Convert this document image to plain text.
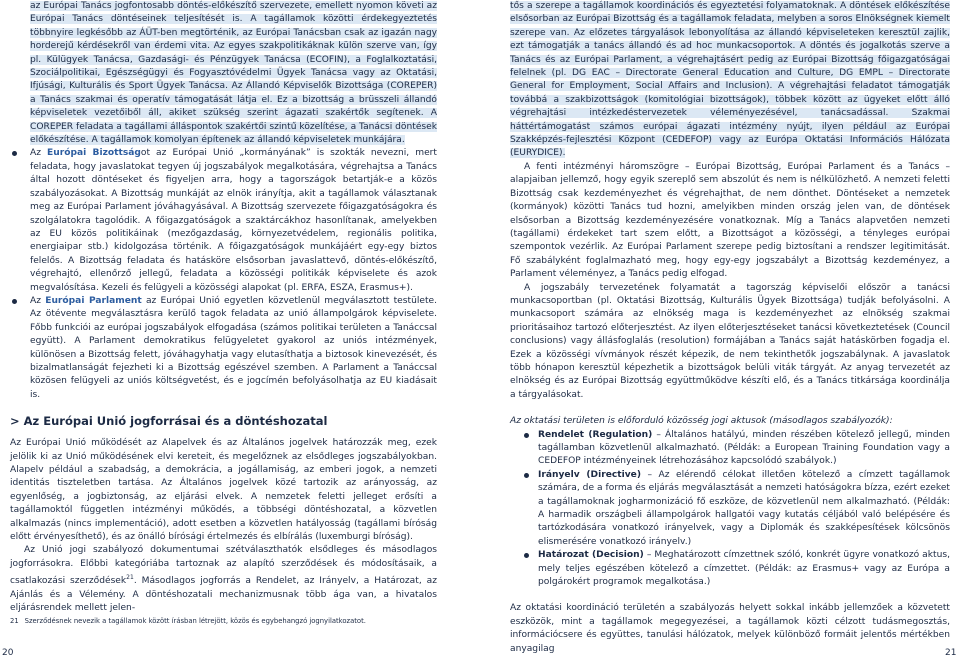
az Európai Tanács jogfontosabb döntés-előkészítő szervezete, emellett nyomon követi az Európai Tanács döntéseinek teljesítését is. A tagállamok közötti érdekegyeztetés többnyire legkésőbb az ÁÜT-ben megtörténik, az Európai Tanácsban csak az igazán nagy horderejű kérdésekről van érdemi vita. Az egyes szakpolitikáknak külön szerve van, így pl. Külügyek Tanácsa, Gazdasági- és Pénzügyek Tanácsa (ECOFIN), a Foglalkoztatási, Szociálpolitikai, Egészségügyi és Fogyasztóvédelmi Ügyek Tanácsa vagy az Oktatási, Ifjúsági, Kulturális és Sport Ügyek Tanácsa. Az Állandó Képviselők Bizottsága (COREPER) a Tanács szakmai és operatív támogatását látja el. Ez a bizottság a brüsszeli állandó képviseletek vezetőiből áll, akiket szükség szerint ágazati szakértők segítenek. A COREPER feladata a tagállami álláspontok szakértői szintű közelítése, a Tanácsi döntések előkészítése. A tagállamok komolyan építenek az állandó képviseletek munkájára.

Az Európai Bizottságot az Európai Unió „kormányának” is szokták nevezni, mert feladata, hogy javaslatokat tegyen új jogszabályok megalkotására, végrehajtsa a Tanács által hozott döntéseket és figyeljen arra, hogy a tagországok betartják-e a közös szabályozásokat. A Bizottság munkáját az elnök irányítja, akit a tagállamok választanak meg az Európai Parlament jóváhagyásával. A Bizottság szervezete főigazgatóságokra és szolgálatokra tagolódik. A főigazgatóságok a szaktárcákhoz hasonlítanak, amelyekben az EU közös politikáinak (mezőgazdaság, környezetvédelem, regionális politika, energiaipar stb.) kidolgozása történik. A főigazgatóságok munkájáért egy-egy biztos felelős. A Bizottság feladata és hatásköre elsősorban javaslattevő, döntés-előkészítő, végrehajtó, ellenőrző jellegű, feladata a közösségi politikák képviselete és azok megvalósítása. Kezeli és felügyeli a közösségi alapokat (pl. ERFA, ESZA, Erasmus+).

Az Európai Parlament az Európai Unió egyetlen közvetlenül megválasztott testülete. Az ötévente megválasztásra kerülő tagok feladata az unió állampolgárok képviselete. Főbb funkciói az európai jogszabályok elfogadása (számos politikai területen a Tanáccsal együtt). A Parlament demokratikus felügyeletet gyakorol az uniós intézmények, különösen a Bizottság felett, jóváhagyhatja vagy elutasíthatja a biztosok kinevezését, és bizalmatlanságát fejezheti ki a Bizottság egészével szemben. A Parlament a Tanáccsal közösen felügyeli az uniós költségvetést, és e jogcímén befolyásolhatja az EU kiadásait is.

> Az Európai Unió jogforrásai és a döntéshozatal

Az Európai Unió működését az Alapelvek és az Általános jogelvek határozzák meg, ezek jelölik ki az Unió működésének elvi kereteit, és megelőznek az elsődleges jogszabályokban. Alapelv például a szabadság, a demokrácia, a jogállamiság, az emberi jogok, a nemzeti identitás tiszteletben tartása. Az Általános jogelvek közé tartozik az arányosság, az egyenlőség, a jogbiztonság, az eljárási elvek. A nemzetek feletti jelleget erősíti a tagállamoktól független intézményi működés, a többségi döntéshozatal, a közvetlen alkalmazás (nincs implementáció), adott esetben a közvetlen hatályosság (tagállami bíróság előtt érvényesíthető), és az önálló bírósági értelmezés és elbírálás (luxemburgi bíróság).

Az Unió jogi szabályozó dokumentumai szétválaszthatók elsődleges és másodlagos jogforrásokra. Előbbi kategóriába tartoznak az alapító szerződések és módosításaik, a csatlakozási szerződések$^{21}$. Másodlagos jogforrás a Rendelet, az Irányelv, a Határozat, az Ajánlás és a Vélemény. A döntéshozatali mechanizmusnak több ága van, a hivatalos eljárásrendek mellett jelen-

21 Szerződésnek nevezik a tagállamok között írásban létrejött, közös és egybehangzó jognyilatkozatot.

tős a szerepe a tagállamok koordinációs és egyeztetési folyamatoknak. A döntések előkészítése elsősorban az Európai Bizottság és a tagállamok feladata, melyben a soros Elnökségnek kiemelt szerepe van. Az előzetes tárgyalások lebonyolítása az állandó képviseleteken keresztül zajlik, ezt támogatják a tanács állandó és ad hoc munkacsoportok. A döntés és jogalkotás szerve a Tanács és az Európai Parlament, a végrehajtásért pedig az Európai Bizottság főigazgatóságai felelnek (pl. DG EAC – Directorate General Education and Culture, DG EMPL – Directorate General for Employment, Social Affairs and Inclusion). A végrehajtási feladatot támogatják továbbá a szakbizottságok (komitológiai bizottságok), többek között az ügyeket előtt álló végrehajtási intézkedéstervezetek véleményezésével, tanácsadással. Szakmai háttértámogatást számos európai ágazati intézmény nyújt, ilyen például az Európai Szakképzés-fejlesztési Központ (CEDEFOP) vagy az Európa Oktatási Információs Hálózata (EURYDICE).

A fenti intézményi háromszögre – Európai Bizottság, Európai Parlament és a Tanács – alapjaiban jellemző, hogy egyik szereplő sem abszolút és nem is nélkülözhető. A nemzeti feletti Bizottság csak kezdeményezhet és végrehajthat, de nem dönthet. Döntéseket a nemzetek (kormányok) közötti Tanács tud hozni, amelyikben minden ország jelen van, de döntések elsősorban a Bizottság kezdeményezésére vonatkoznak. Míg a Tanács alapvetően nemzeti (tagállami) érdekeket tart szem előtt, a Bizottságot a közösségi, a tényleges európai szempontok vezérlik. Az Európai Parlament szerepe pedig biztosítani a rendszer legitimitását. Fő szabályként foglalmazható meg, hogy egy-egy jogszabályt a Bizottság kezdeményez, a Parlament véleményez, a Tanács pedig elfogad.

A jogszabály tervezetének folyamatát a tagország képviselői először a tanácsi munkacsoportban (pl. Oktatási Bizottság, Kulturális Ügyek Bizottsága) tudják befolyásolni. A munkacsoport számára az elnökség maga is kezdeményezhet az elnökség szakmai prioritásaihoz tartozó előterjesztést. Az ilyen előterjesztéseket tanácsi következtetések (Council conclusions) vagy állásfoglalás (resolution) formájában a Tanács saját hatáskörben fogadja el. Ezek a közösségi vívmányok részét képezik, de nem tekinthetők jogszabálynak. A javaslatok több hónapon keresztül képezhetik a bizottságok belüli viták tárgyát. Az anyag tervezetét az elnökség és az Európai Bizottság együttműködve készíti elő, és a Tanács titkársága koordinálja a tárgyalásokat.

Az oktatási területen is előforduló közösség jogi aktusok (másodlagos szabályozók):

Rendelet (Regulation) – Általános hatályú, minden részében kötelező jellegű, minden tagállamban közvetlenül alkalmazható. (Példák: a European Training Foundation vagy a CEDEFOP intézményeinek létrehozásához kapcsolódó szabályok.)

Irányelv (Directive) – Az elérendő célokat illetően kötelező a címzett tagállamok számára, de a forma és eljárás megválasztását a nemzeti hatóságokra bízza, ezért ezeket a tagállamoknak jogharmonizáció fő eszköze, de közvetlenül nem alkalmazható. (Példák: A harmadik országbeli állampolgárok hallgatói vagy kutatás céljából való belépésére és tartózkodására vonatkozó irányelvek, vagy a Diplomák és szakképesítések kölcsönös elismerésére vonatkozó irányelv.)

Határozat (Decision) – Meghatározott címzettnek szóló, konkrét ügyre vonatkozó aktus, mely teljes egészében kötelező a címzettet. (Példák: az Erasmus+ vagy az Európa a polgárokért programok megalkotása.)

Az oktatási koordináció területén a szabályozás helyett sokkal inkább jellemzőek a közvetett eszközök, mint a tagállamok megegyezései, a tagállamok közti célzott tudásmegosztás, információcsere és együttes, tanulási hálózatok, melyek különböző formáit jelentős mértékben anyagilag

20	21
